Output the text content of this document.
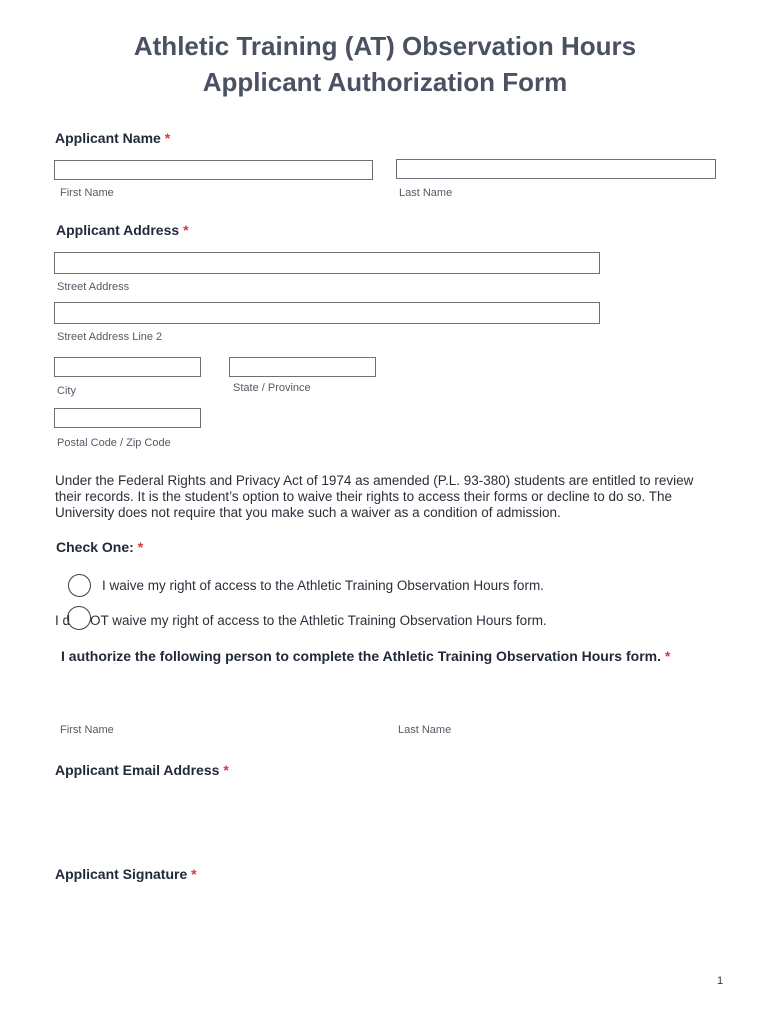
Athletic Training (AT) Observation Hours
Applicant Authorization Form
Applicant Name *
First Name	Last Name
Applicant Address *
Street Address
Street Address Line 2
City	State / Province
Postal Code / Zip Code
Under the Federal Rights and Privacy Act of 1974 as amended (P.L. 93-380) students are entitled to review their records. It is the student’s option to waive their rights to access their forms or decline to do so. The University does not require that you make such a waiver as a condition of admission.
Check One: *
I waive my right of access to the Athletic Training Observation Hours form.
I d OT waive my right of access to the Athletic Training Observation Hours form.
I authorize the following person to complete the Athletic Training Observation Hours form. *
First Name	Last Name
Applicant Email Address *
Applicant Signature *
1
